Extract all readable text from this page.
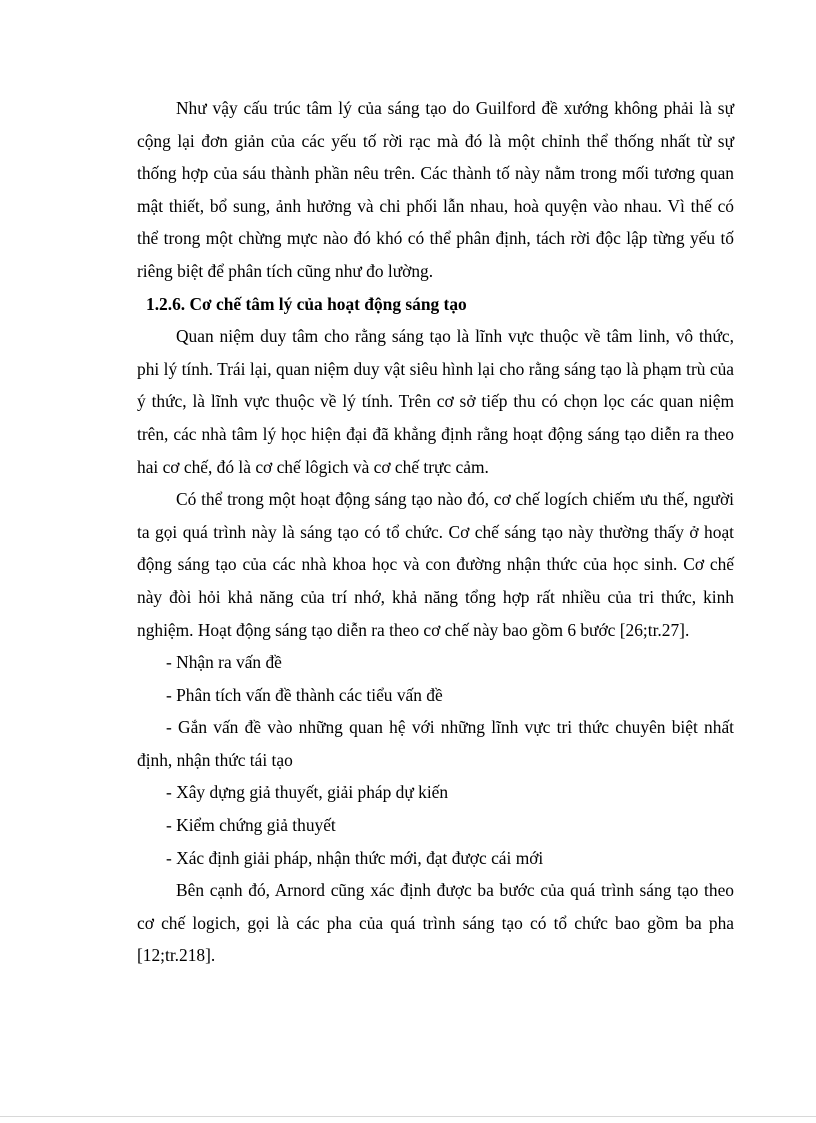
Như vậy cấu trúc tâm lý của sáng tạo do Guilford đề xướng không phải là sự cộng lại đơn giản của các yếu tố rời rạc mà đó là một chỉnh thể thống nhất từ sự thống hợp của sáu thành phần nêu trên. Các thành tố này nằm trong mối tương quan mật thiết, bổ sung, ảnh hưởng và chi phối lẫn nhau, hoà quyện vào nhau. Vì thế có thể trong một chừng mực nào đó khó có thể phân định, tách rời độc lập từng yếu tố riêng biệt để phân tích cũng như đo lường.

1.2.6. Cơ chế tâm lý của hoạt động sáng tạo

Quan niệm duy tâm cho rằng sáng tạo là lĩnh vực thuộc về tâm linh, vô thức, phi lý tính. Trái lại, quan niệm duy vật siêu hình lại cho rằng sáng tạo là phạm trù của ý thức, là lĩnh vực thuộc về lý tính. Trên cơ sở tiếp thu có chọn lọc các quan niệm trên, các nhà tâm lý học hiện đại đã khẳng định rằng hoạt động sáng tạo diễn ra theo hai cơ chế, đó là cơ chế lôgich và cơ chế trực cảm.

Có thể trong một hoạt động sáng tạo nào đó, cơ chế logích chiếm ưu thế, người ta gọi quá trình này là sáng tạo có tổ chức. Cơ chế sáng tạo này thường thấy ở hoạt động sáng tạo của các nhà khoa học và con đường nhận thức của học sinh. Cơ chế này đòi hỏi khả năng của trí nhớ, khả năng tổng hợp rất nhiều của tri thức, kinh nghiệm. Hoạt động sáng tạo diễn ra theo cơ chế này bao gồm 6 bước [26;tr.27].

- Nhận ra vấn đề

- Phân tích vấn đề thành các tiểu vấn đề

- Gắn vấn đề vào những quan hệ với những lĩnh vực tri thức chuyên biệt nhất định, nhận thức tái tạo

- Xây dựng giả thuyết, giải pháp dự kiến

- Kiểm chứng giả thuyết

- Xác định giải pháp, nhận thức mới, đạt được cái mới

Bên cạnh đó, Arnord cũng xác định được ba bước của quá trình sáng tạo theo cơ chế logich, gọi là các pha của quá trình sáng tạo có tổ chức bao gồm ba pha [12;tr.218].
